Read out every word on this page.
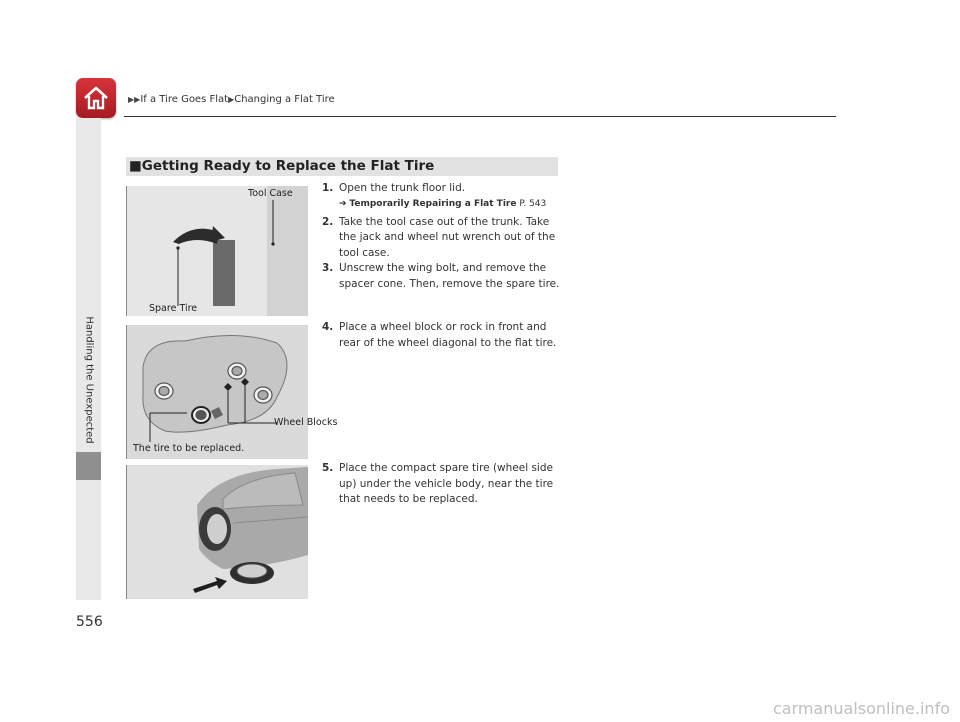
▶▶If a Tire Goes Flat▶Changing a Flat Tire
Handling the Unexpected
556
■Getting Ready to Replace the Flat Tire
Tool Case
Spare Tire
Wheel Blocks
The tire to be replaced.
1. Open the trunk floor lid.
➔ Temporarily Repairing a Flat Tire P. 543
2. Take the tool case out of the trunk. Take the jack and wheel nut wrench out of the tool case.
3. Unscrew the wing bolt, and remove the spacer cone. Then, remove the spare tire.
4. Place a wheel block or rock in front and rear of the wheel diagonal to the flat tire.
5. Place the compact spare tire (wheel side up) under the vehicle body, near the tire that needs to be replaced.
carmanualsonline.info
